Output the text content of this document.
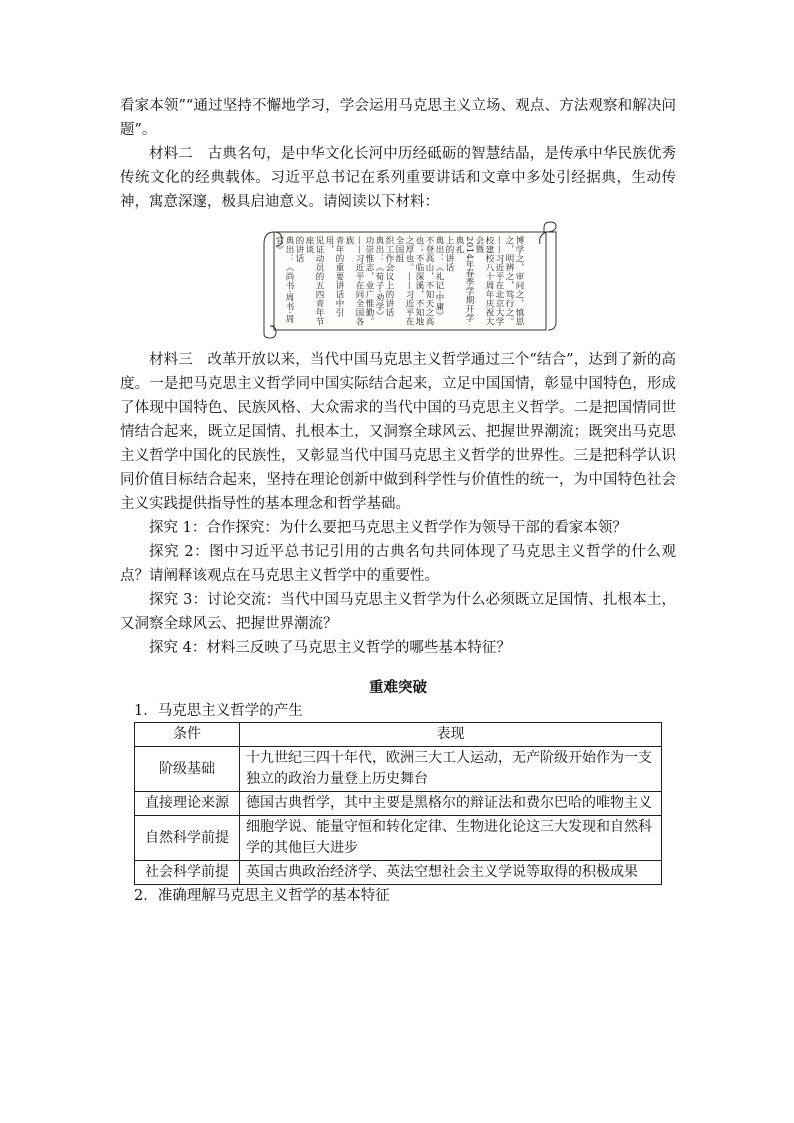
看家本领”“通过坚持不懈地学习，学会运用马克思主义立场、观点、方法观察和解决问题”。

材料二　古典名句，是中华文化长河中历经砥砺的智慧结晶，是传承中华民族优秀传统文化的经典载体。习近平总书记在系列重要讲话和文章中多处引经据典，生动传神，寓意深邃，极具启迪意义。请阅读以下材料：

博学之，审问之，慎思
之，明辨之，笃行之。
——习近平在北京大学
校建校八十周年庆祝大会暨
2014年春季学期开学典礼
上的讲话
典出：《礼记·中庸》
不登高山，不知天之高
也；不临深溪，不知地
之厚也。——习近平在全国组
织工作会议上的讲话
典出：《荀子·劝学》
功崇惟志，业广惟勤。
——习近平在同全国各族
青年的重要讲话中引用，
见证动员的五四青年节座谈
的讲话
典出：《尚书·周书·周官》

材料三　改革开放以来，当代中国马克思主义哲学通过三个“结合”，达到了新的高度。一是把马克思主义哲学同中国实际结合起来，立足中国国情，彰显中国特色，形成了体现中国特色、民族风格、大众需求的当代中国的马克思主义哲学。二是把国情同世情结合起来，既立足国情、扎根本土，又洞察全球风云、把握世界潮流；既突出马克思主义哲学中国化的民族性，又彰显当代中国马克思主义哲学的世界性。三是把科学认识同价值目标结合起来，坚持在理论创新中做到科学性与价值性的统一，为中国特色社会主义实践提供指导性的基本理念和哲学基础。

探究 1：合作探究：为什么要把马克思主义哲学作为领导干部的看家本领？

探究 2：图中习近平总书记引用的古典名句共同体现了马克思主义哲学的什么观点？请阐释该观点在马克思主义哲学中的重要性。

探究 3：讨论交流：当代中国马克思主义哲学为什么必须既立足国情、扎根本土，又洞察全球风云、把握世界潮流？

探究 4：材料三反映了马克思主义哲学的哪些基本特征？

重难突破

1．马克思主义哲学的产生

条件	表现
阶级基础	十九世纪三四十年代，欧洲三大工人运动，无产阶级开始作为一支独立的政治力量登上历史舞台
直接理论来源	德国古典哲学，其中主要是黑格尔的辩证法和费尔巴哈的唯物主义
自然科学前提	细胞学说、能量守恒和转化定律、生物进化论这三大发现和自然科学的其他巨大进步
社会科学前提	英国古典政治经济学、英法空想社会主义学说等取得的积极成果

2．准确理解马克思主义哲学的基本特征
